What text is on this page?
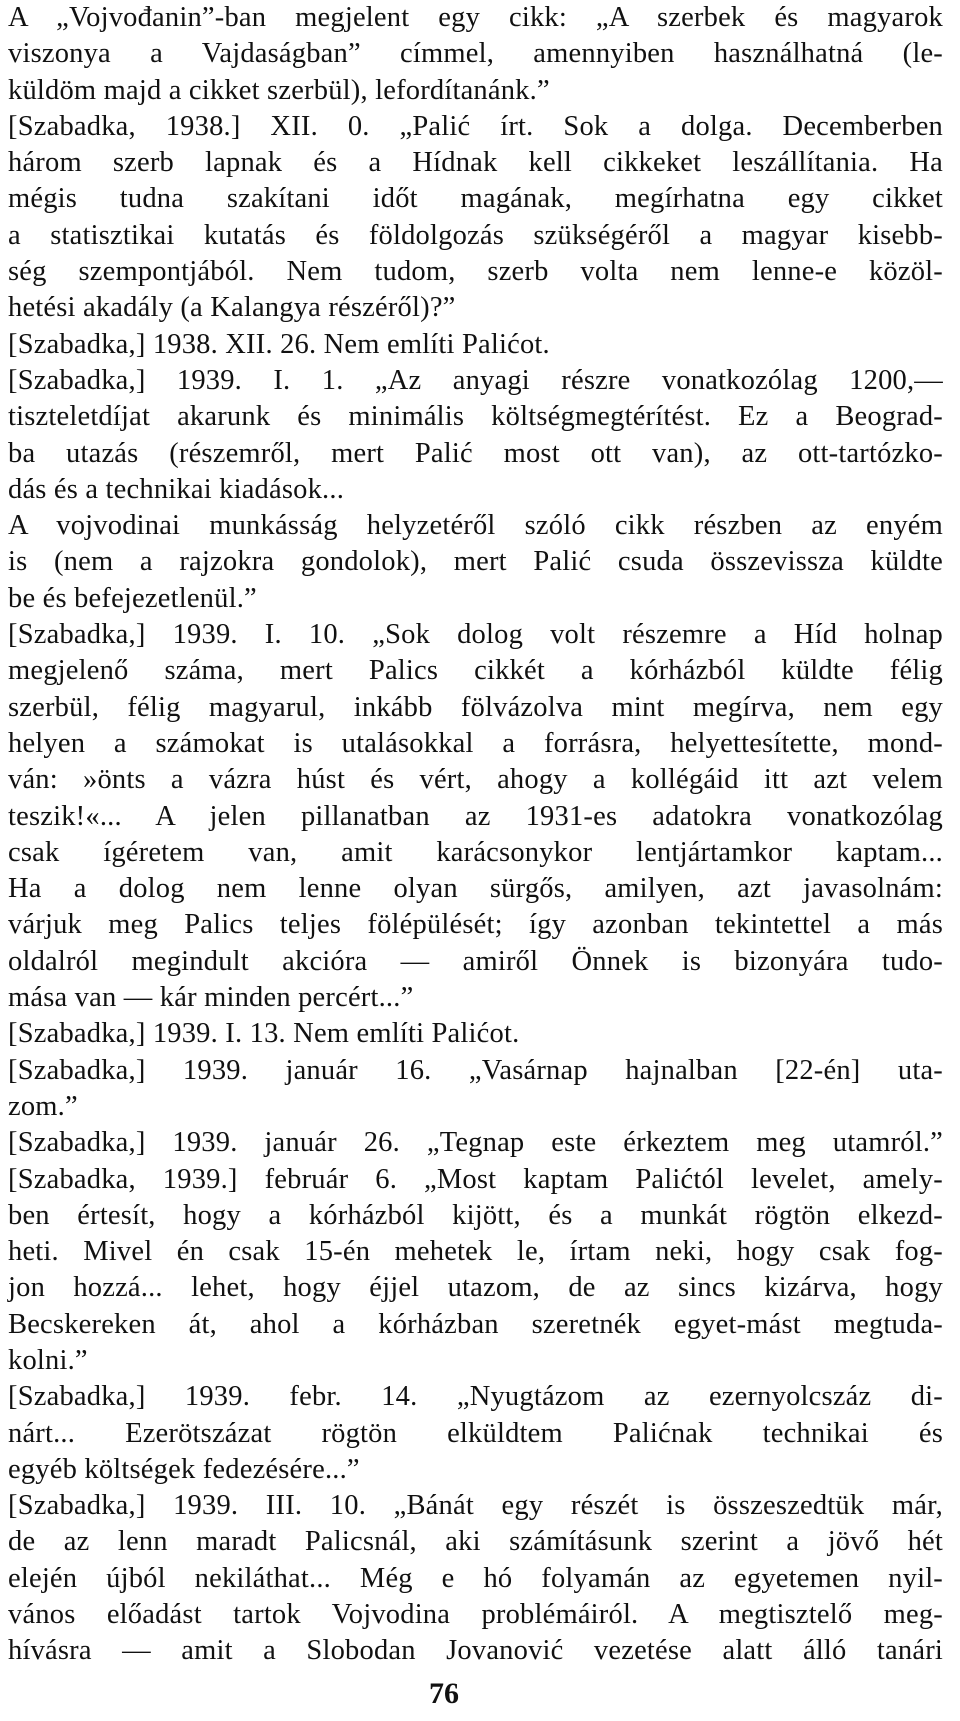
A „Vojvođanin”-ban megjelent egy cikk: „A szerbek és magyarok
viszonya a Vajdaságban” címmel, amennyiben használhatná (le-
küldöm majd a cikket szerbül), lefordítanánk.”
[Szabadka, 1938.] XII. 0. „Palić írt. Sok a dolga. Decemberben
három szerb lapnak és a Hídnak kell cikkeket leszállítania. Ha
mégis tudna szakítani időt magának, megírhatna egy cikket
a statisztikai kutatás és földolgozás szükségéről a magyar kisebb-
ség szempontjából. Nem tudom, szerb volta nem lenne-e közöl-
hetési akadály (a Kalangya részéről)?”
[Szabadka,] 1938. XII. 26. Nem említi Palićot.
[Szabadka,] 1939. I. 1. „Az anyagi részre vonatkozólag 1200,—
tiszteletdíjat akarunk és minimális költségmegtérítést. Ez a Beograd-
ba utazás (részemről, mert Palić most ott van), az ott-tartózko-
dás és a technikai kiadások...
A vojvodinai munkásság helyzetéről szóló cikk részben az enyém
is (nem a rajzokra gondolok), mert Palić csuda összevissza küldte
be és befejezetlenül.”
[Szabadka,] 1939. I. 10. „Sok dolog volt részemre a Híd holnap
megjelenő száma, mert Palics cikkét a kórházból küldte félig
szerbül, félig magyarul, inkább fölvázolva mint megírva, nem egy
helyen a számokat is utalásokkal a forrásra, helyettesítette, mond-
ván: »önts a vázra húst és vért, ahogy a kollégáid itt azt velem
teszik!«... A jelen pillanatban az 1931-es adatokra vonatkozólag
csak ígéretem van, amit karácsonykor lentjártamkor kaptam...
Ha a dolog nem lenne olyan sürgős, amilyen, azt javasolnám:
várjuk meg Palics teljes fölépülését; így azonban tekintettel a más
oldalról megindult akcióra — amiről Önnek is bizonyára tudo-
mása van — kár minden percért...”
[Szabadka,] 1939. I. 13. Nem említi Palićot.
[Szabadka,] 1939. január 16. „Vasárnap hajnalban [22-én] uta-
zom.”
[Szabadka,] 1939. január 26. „Tegnap este érkeztem meg utamról.”
[Szabadka, 1939.] február 6. „Most kaptam Palićtól levelet, amely-
ben értesít, hogy a kórházból kijött, és a munkát rögtön elkezd-
heti. Mivel én csak 15-én mehetek le, írtam neki, hogy csak fog-
jon hozzá... lehet, hogy éjjel utazom, de az sincs kizárva, hogy
Becskereken át, ahol a kórházban szeretnék egyet-mást megtuda-
kolni.”
[Szabadka,] 1939. febr. 14. „Nyugtázom az ezernyolcszáz di-
nárt... Ezerötszázat rögtön elküldtem Palićnak technikai és
egyéb költségek fedezésére...”
[Szabadka,] 1939. III. 10. „Bánát egy részét is összeszedtük már,
de az lenn maradt Palicsnál, aki számításunk szerint a jövő hét
elején újból nekiláthat... Még e hó folyamán az egyetemen nyil-
vános előadást tartok Vojvodina problémáiról. A megtisztelő meg-
hívásra — amit a Slobodan Jovanović vezetése alatt álló tanári
76
